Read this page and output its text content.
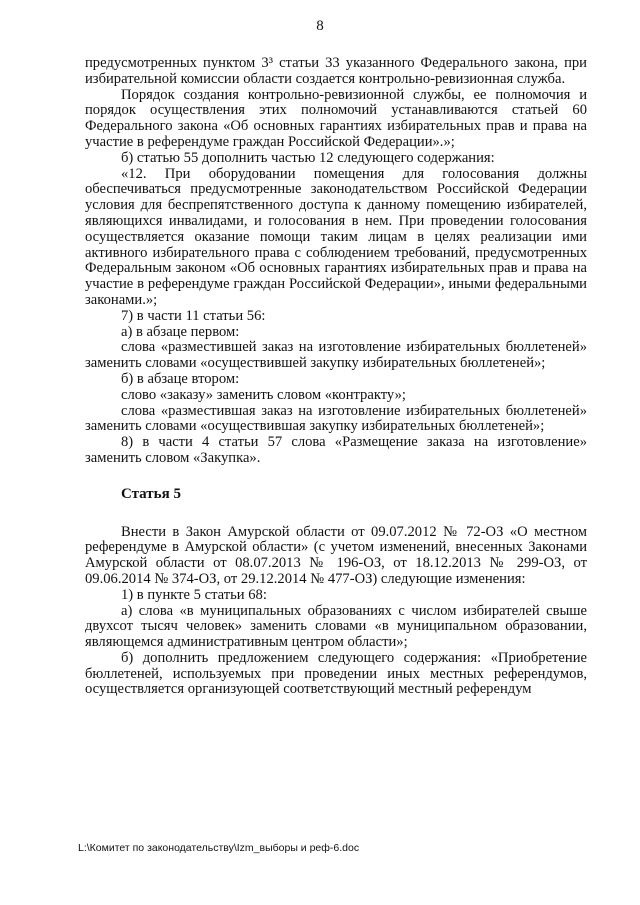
8

предусмотренных пунктом 3³ статьи 33 указанного Федерального закона, при избирательной комиссии области создается контрольно-ревизионная служба.

Порядок создания контрольно-ревизионной службы, ее полномочия и порядок осуществления этих полномочий устанавливаются статьей 60 Федерального закона «Об основных гарантиях избирательных прав и права на участие в референдуме граждан Российской Федерации».»;

б) статью 55 дополнить частью 12 следующего содержания:

«12. При оборудовании помещения для голосования должны обеспечиваться предусмотренные законодательством Российской Федерации условия для беспрепятственного доступа к данному помещению избирателей, являющихся инвалидами, и голосования в нем. При проведении голосования осуществляется оказание помощи таким лицам в целях реализации ими активного избирательного права с соблюдением требований, предусмотренных Федеральным законом «Об основных гарантиях избирательных прав и права на участие в референдуме граждан Российской Федерации», иными федеральными законами.»;

7) в части 11 статьи 56:

а) в абзаце первом:

слова «разместившей заказ на изготовление избирательных бюллетеней» заменить словами «осуществившей закупку избирательных бюллетеней»;

б) в абзаце втором:

слово «заказу» заменить словом «контракту»;

слова «разместившая заказ на изготовление избирательных бюллетеней» заменить словами «осуществившая закупку избирательных бюллетеней»;

8) в части 4 статьи 57 слова «Размещение заказа на изготовление» заменить словом «Закупка».

Статья 5

Внести в Закон Амурской области от 09.07.2012 № 72-ОЗ «О местном референдуме в Амурской области» (с учетом изменений, внесенных Законами Амурской области от 08.07.2013 № 196-ОЗ, от 18.12.2013 № 299-ОЗ, от 09.06.2014 № 374-ОЗ, от 29.12.2014 № 477-ОЗ) следующие изменения:

1) в пункте 5 статьи 68:

а) слова «в муниципальных образованиях с числом избирателей свыше двухсот тысяч человек» заменить словами «в муниципальном образовании, являющемся административным центром области»;

б) дополнить предложением следующего содержания: «Приобретение бюллетеней, используемых при проведении иных местных референдумов, осуществляется организующей соответствующий местный референдум

L:\Комитет по законодательству\Izm_выборы и реф-6.doc
